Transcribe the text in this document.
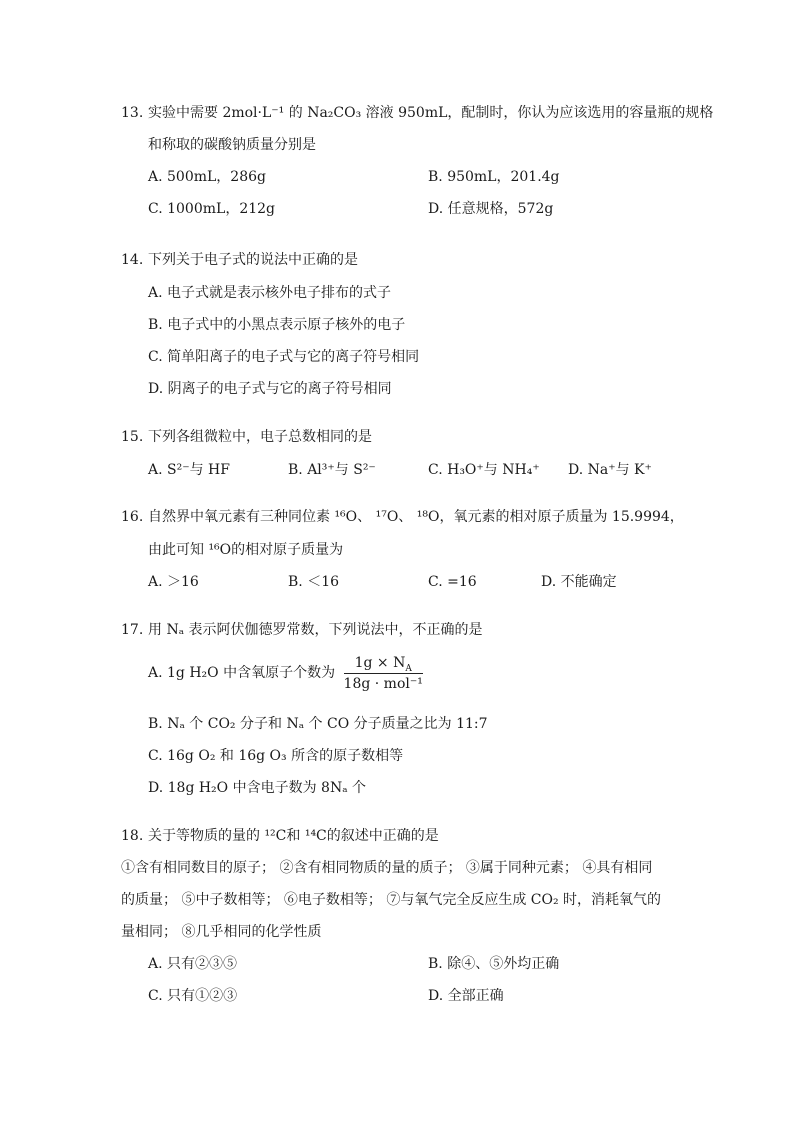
13. 实验中需要 2mol·L⁻¹ 的 Na₂CO₃ 溶液 950mL，配制时，你认为应该选用的容量瓶的规格
和称取的碳酸钠质量分别是
A. 500mL，286g	B. 950mL，201.4g
C. 1000mL，212g	D. 任意规格，572g
14. 下列关于电子式的说法中正确的是
A. 电子式就是表示核外电子排布的式子
B. 电子式中的小黑点表示原子核外的电子
C. 简单阳离子的电子式与它的离子符号相同
D. 阴离子的电子式与它的离子符号相同
15. 下列各组微粒中，电子总数相同的是
A. S²⁻与 HF	B. Al³⁺与 S²⁻	C. H₃O⁺与 NH₄⁺ D. Na⁺与 K⁺
16. 自然界中氧元素有三种同位素 ¹⁶O、 ¹⁷O、 ¹⁸O，氧元素的相对原子质量为 15.9994，
由此可知 ¹⁶O的相对原子质量为
A. ＞16	B. ＜16	C. =16	D. 不能确定
17. 用 Nₐ 表示阿伏伽德罗常数，下列说法中，不正确的是
A. 1g H₂O 中含氧原子个数为 $\frac{1g \times N_A}{\text{18g · mol⁻¹}}$
B. Nₐ 个 CO₂ 分子和 Nₐ 个 CO 分子质量之比为 11:7
C. 16g O₂ 和 16g O₃ 所含的原子数相等
D. 18g H₂O 中含电子数为 8Nₐ 个
18. 关于等物质的量的 ¹²C和 ¹⁴C的叙述中正确的是
①含有相同数目的原子； ②含有相同物质的量的质子； ③属于同种元素； ④具有相同
的质量； ⑤中子数相等； ⑥电子数相等； ⑦与氧气完全反应生成 CO₂ 时，消耗氧气的
量相同； ⑧几乎相同的化学性质
A. 只有②③⑤	B. 除④、⑤外均正确
C. 只有①②③	D. 全部正确
